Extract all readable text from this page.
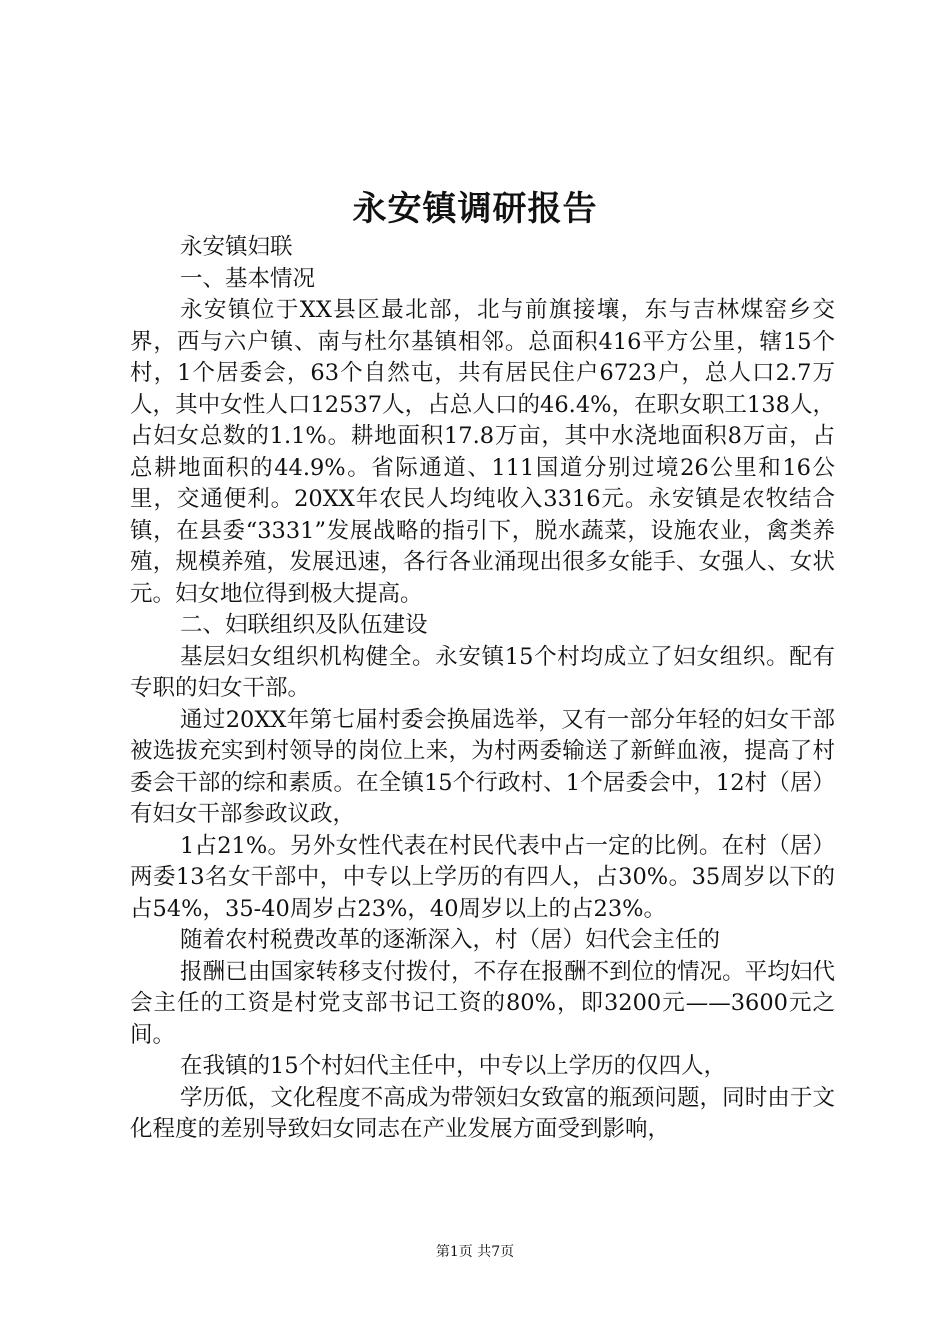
永安镇调研报告

永安镇妇联

一、基本情况

永安镇位于XX县区最北部，北与前旗接壤，东与吉林煤窑乡交界，西与六户镇、南与杜尔基镇相邻。总面积416平方公里，辖15个村，1个居委会，63个自然屯，共有居民住户6723户，总人口2.7万人，其中女性人口12537人，占总人口的46.4%，在职女职工138人，占妇女总数的1.1%。耕地面积17.8万亩，其中水浇地面积8万亩，占总耕地面积的44.9%。省际通道、111国道分别过境26公里和16公里，交通便利。20XX年农民人均纯收入3316元。永安镇是农牧结合镇，在县委“3331”发展战略的指引下，脱水蔬菜，设施农业，禽类养殖，规模养殖，发展迅速，各行各业涌现出很多女能手、女强人、女状元。妇女地位得到极大提高。

二、妇联组织及队伍建设

基层妇女组织机构健全。永安镇15个村均成立了妇女组织。配有专职的妇女干部。

通过20XX年第七届村委会换届选举，又有一部分年轻的妇女干部被选拔充实到村领导的岗位上来，为村两委输送了新鲜血液，提高了村委会干部的综和素质。在全镇15个行政村、1个居委会中，12村（居）有妇女干部参政议政，

1占21%。另外女性代表在村民代表中占一定的比例。在村（居）两委13名女干部中，中专以上学历的有四人，占30%。35周岁以下的占54%，35-40周岁占23%，40周岁以上的占23%。

随着农村税费改革的逐渐深入，村（居）妇代会主任的

报酬已由国家转移支付拨付，不存在报酬不到位的情况。平均妇代会主任的工资是村党支部书记工资的80%，即3200元——3600元之间。

在我镇的15个村妇代主任中，中专以上学历的仅四人，

学历低，文化程度不高成为带领妇女致富的瓶颈问题，同时由于文化程度的差别导致妇女同志在产业发展方面受到影响，

第1页 共7页
